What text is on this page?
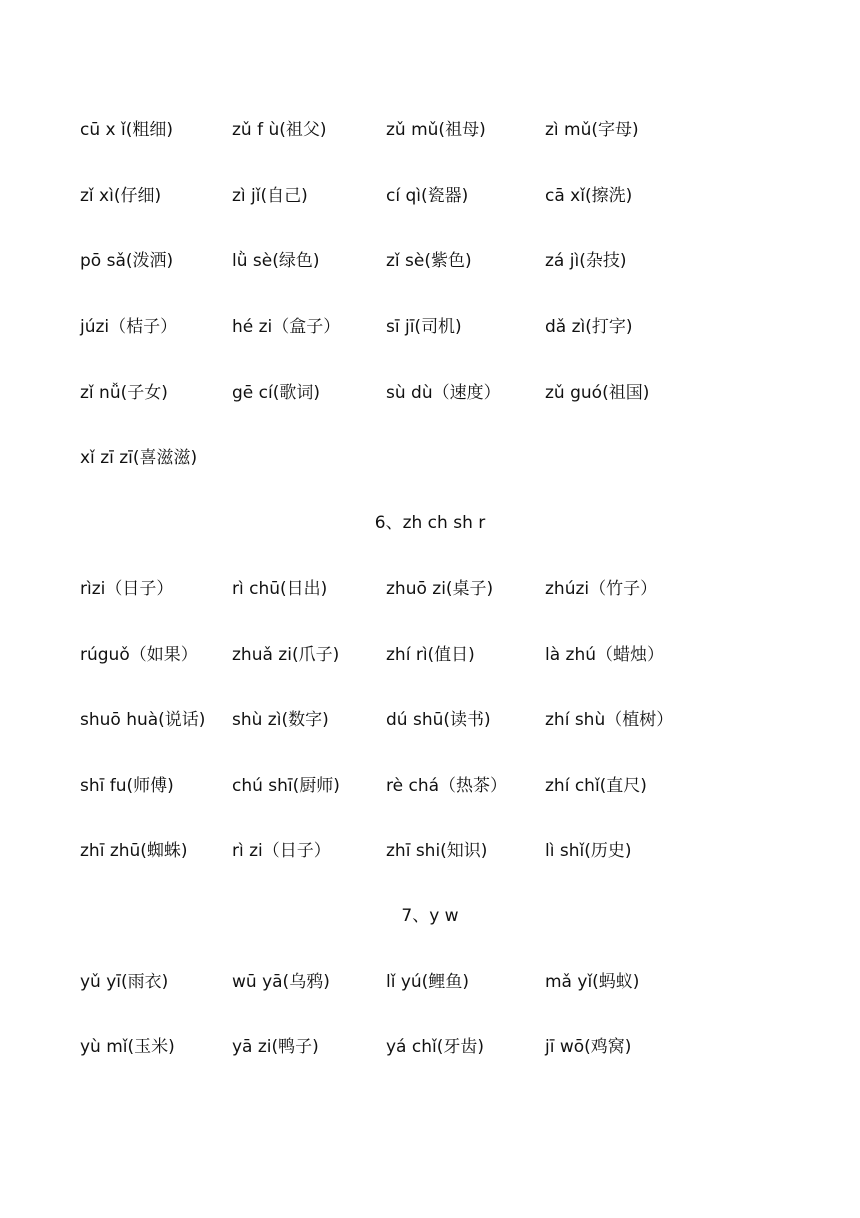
cū x ǐ(粗细)	zǔ f ù(祖父)	zǔ mǔ(祖母)	zì mǔ(字母)
zǐ xì(仔细)	zì jǐ(自己)	cí qì(瓷器)	cā xǐ(擦洗)
pō sǎ(泼洒)	lǜ sè(绿色)	zǐ sè(紫色)	zá jì(杂技)
júzi（桔子）	hé zi（盒子）	sī jī(司机)	dǎ zì(打字)
zǐ nǚ(子女)	gē cí(歌词)	sù dù（速度）	zǔ guó(祖国)
xǐ zī zī(喜滋滋)
6、zh ch sh r
rìzi（日子）	rì chū(日出)	zhuō zi(桌子)	zhúzi（竹子）
rúguǒ（如果） zhuǎ zi(爪子)	zhí rì(值日)	là zhú（蜡烛）
shuō huà(说话) shù zì(数字)	dú shū(读书)	zhí shù（植树）
shī fu(师傅)	chú shī(厨师)	rè chá（热茶） zhí chǐ(直尺)
zhī zhū(蜘蛛)	rì zi（日子）	zhī shi(知识)	lì shǐ(历史)
7、y w
yǔ yī(雨衣)	wū yā(乌鸦)	lǐ yú(鲤鱼)	mǎ yǐ(蚂蚁)
yù mǐ(玉米)	yā zi(鸭子)	yá chǐ(牙齿)	jī wō(鸡窝)
